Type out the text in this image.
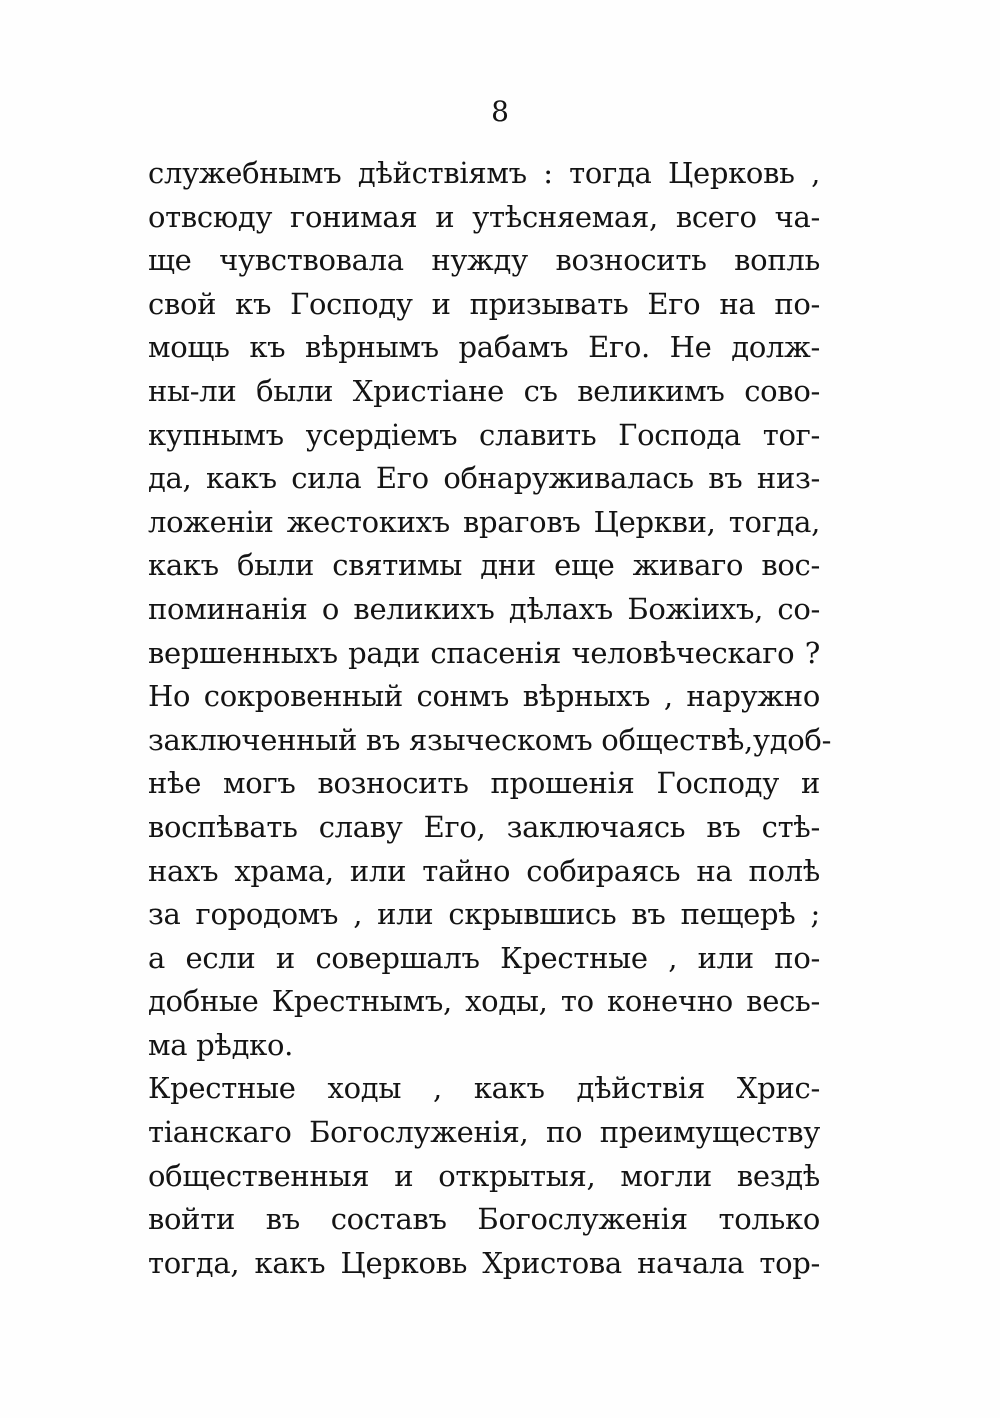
8
служебнымъ дѣйствіямъ : тогда Церковь ,
отвсюду гонимая и утѣсняемая, всего ча-
ще чувствовала нужду возносить вопль
свой къ Господу и призывать Его на по-
мощь къ вѣрнымъ рабамъ Его. Не долж-
ны-ли были Христіане съ великимъ сово-
купнымъ усердіемъ славить Господа тог-
да, какъ сила Его обнаруживалась въ низ-
ложеніи жестокихъ враговъ Церкви, тогда,
какъ были святимы дни еще живаго вос-
поминанія о великихъ дѣлахъ Божіихъ, со-
вершенныхъ ради спасенія человѣческаго ?
Но сокровенный сонмъ вѣрныхъ , наружно
заключенный въ языческомъ обществѣ,удоб-
нѣе могъ возносить прошенія Господу и
воспѣвать славу Его, заключаясь въ стѣ-
нахъ храма, или тайно собираясь на полѣ
за городомъ , или скрывшись въ пещерѣ ;
а если и совершалъ Крестные , или по-
добные Крестнымъ, ходы, то конечно весь-
ма рѣдко.
Крестные ходы , какъ дѣйствія Хрис-
тіанскаго Богослуженія, по преимуществу
общественныя и открытыя, могли вездѣ
войти въ составъ Богослуженія только
тогда, какъ Церковь Христова начала тор-
